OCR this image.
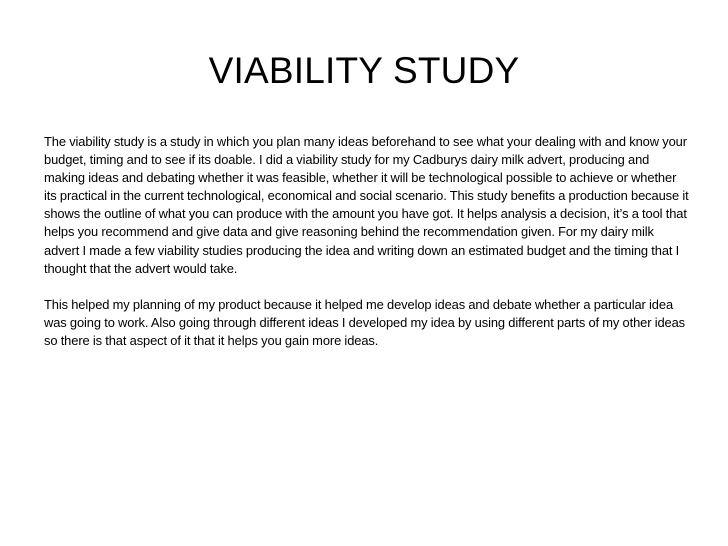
VIABILITY STUDY

The viability study is a study in which you plan many ideas beforehand to see what your dealing with and know your budget, timing and to see if its doable. I did a viability study for my Cadburys dairy milk advert, producing and making ideas and debating whether it was feasible, whether it will be technological possible to achieve or whether its practical in the current technological, economical and social scenario. This study benefits a production because it shows the outline of what you can produce with the amount you have got. It helps analysis a decision, it’s a tool that helps you recommend and give data and give reasoning behind the recommendation given. For my dairy milk advert I made a few viability studies producing the idea and writing down an estimated budget and the timing that I thought that the advert would take.

This helped my planning of my product because it helped me develop ideas and debate whether a particular idea was going to work. Also going through different ideas I developed my idea by using different parts of my other ideas so there is that aspect of it that it helps you gain more ideas.
